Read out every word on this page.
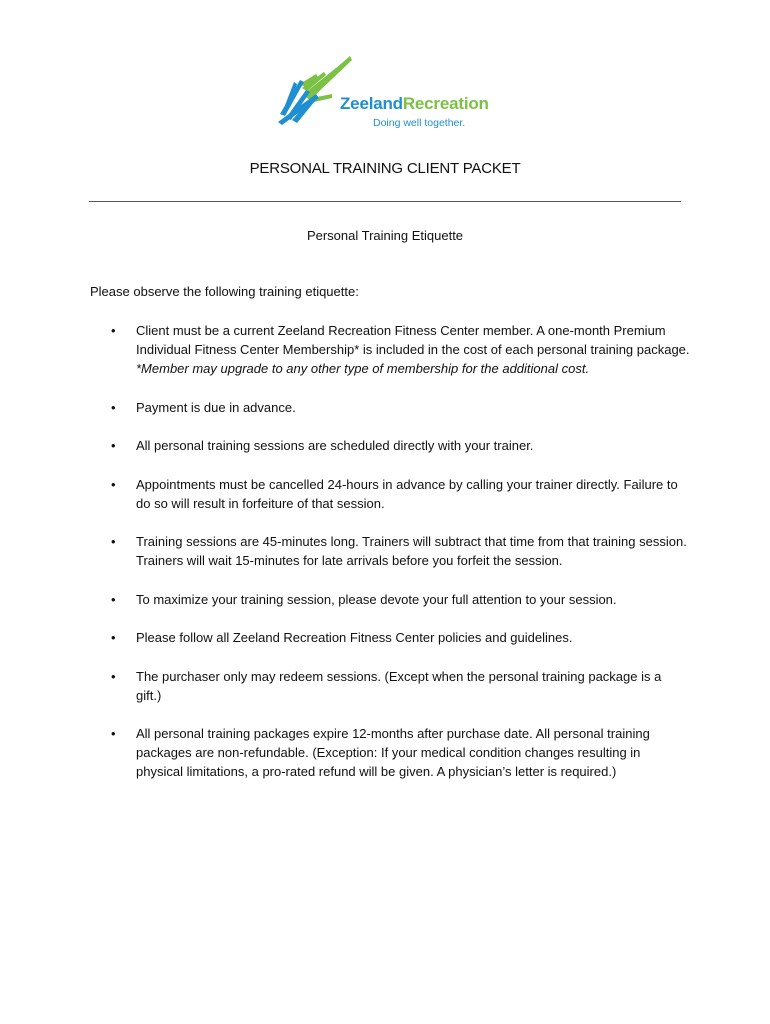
ZeelandRecreation
Doing well together.
PERSONAL TRAINING CLIENT PACKET
Personal Training Etiquette
Please observe the following training etiquette:
• Client must be a current Zeeland Recreation Fitness Center member. A one-month Premium Individual Fitness Center Membership* is included in the cost of each personal training package. *Member may upgrade to any other type of membership for the additional cost.
• Payment is due in advance.
• All personal training sessions are scheduled directly with your trainer.
• Appointments must be cancelled 24-hours in advance by calling your trainer directly. Failure to do so will result in forfeiture of that session.
• Training sessions are 45-minutes long. Trainers will subtract that time from that training session. Trainers will wait 15-minutes for late arrivals before you forfeit the session.
• To maximize your training session, please devote your full attention to your session.
• Please follow all Zeeland Recreation Fitness Center policies and guidelines.
• The purchaser only may redeem sessions. (Except when the personal training package is a gift.)
• All personal training packages expire 12-months after purchase date. All personal training packages are non-refundable. (Exception: If your medical condition changes resulting in physical limitations, a pro-rated refund will be given. A physician’s letter is required.)
